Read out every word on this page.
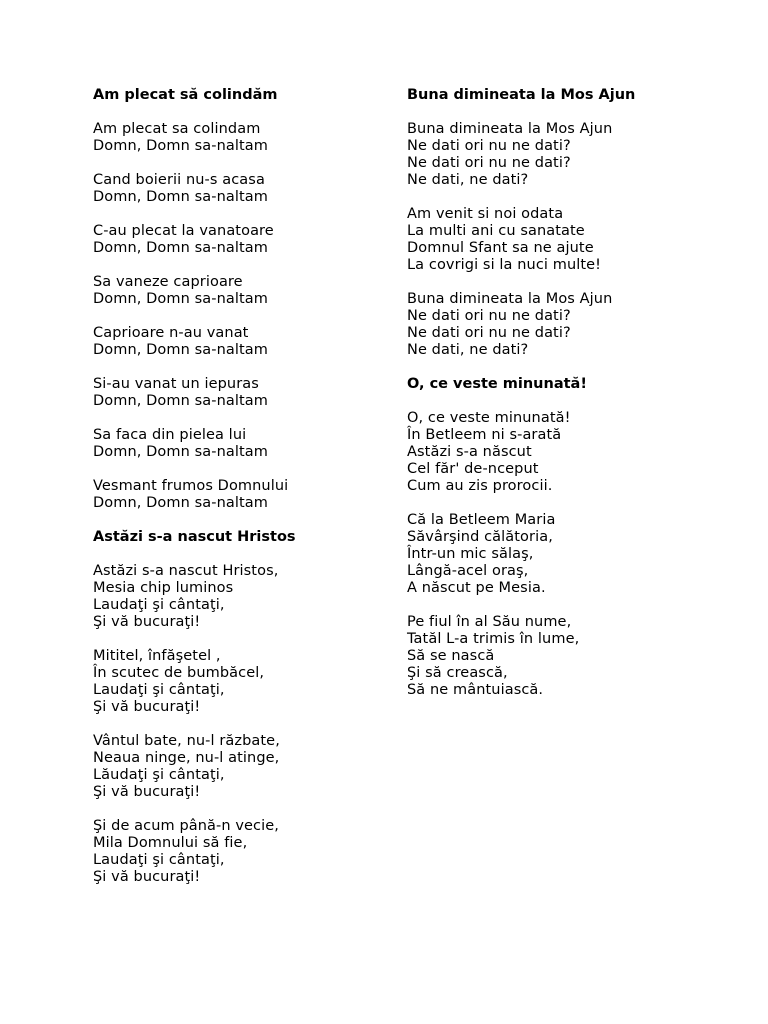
Am plecat să colindăm
Am plecat sa colindam
Domn, Domn sa-naltam
Cand boierii nu-s acasa
Domn, Domn sa-naltam
C-au plecat la vanatoare
Domn, Domn sa-naltam
Sa vaneze caprioare
Domn, Domn sa-naltam
Caprioare n-au vanat
Domn, Domn sa-naltam
Si-au vanat un iepuras
Domn, Domn sa-naltam
Sa faca din pielea lui
Domn, Domn sa-naltam
Vesmant frumos Domnului
Domn, Domn sa-naltam
Astăzi s-a nascut Hristos
Astăzi s-a nascut Hristos,
Mesia chip luminos
Laudaţi şi cântaţi,
Şi vă bucuraţi!
Mititel, înfăşetel ,
În scutec de bumbăcel,
Laudaţi şi cântaţi,
Şi vă bucuraţi!
Vântul bate, nu-l răzbate,
Neaua ninge, nu-l atinge,
Lăudaţi şi cântaţi,
Şi vă bucuraţi!
Şi de acum până-n vecie,
Mila Domnului să fie,
Laudaţi şi cântaţi,
Şi vă bucuraţi!
Buna dimineata la Mos Ajun
Buna dimineata la Mos Ajun
Ne dati ori nu ne dati?
Ne dati ori nu ne dati?
Ne dati, ne dati?
Am venit si noi odata
La multi ani cu sanatate
Domnul Sfant sa ne ajute
La covrigi si la nuci multe!
Buna dimineata la Mos Ajun
Ne dati ori nu ne dati?
Ne dati ori nu ne dati?
Ne dati, ne dati?
O, ce veste minunată!
O, ce veste minunată!
În Betleem ni s-arată
Astăzi s-a născut
Cel făr' de-nceput
Cum au zis prorocii.
Că la Betleem Maria
Săvârşind călătoria,
Într-un mic sălaş,
Lângă-acel oraş,
A născut pe Mesia.
Pe fiul în al Său nume,
Tatăl L-a trimis în lume,
Să se nască
Şi să crească,
Să ne mântuiască.
